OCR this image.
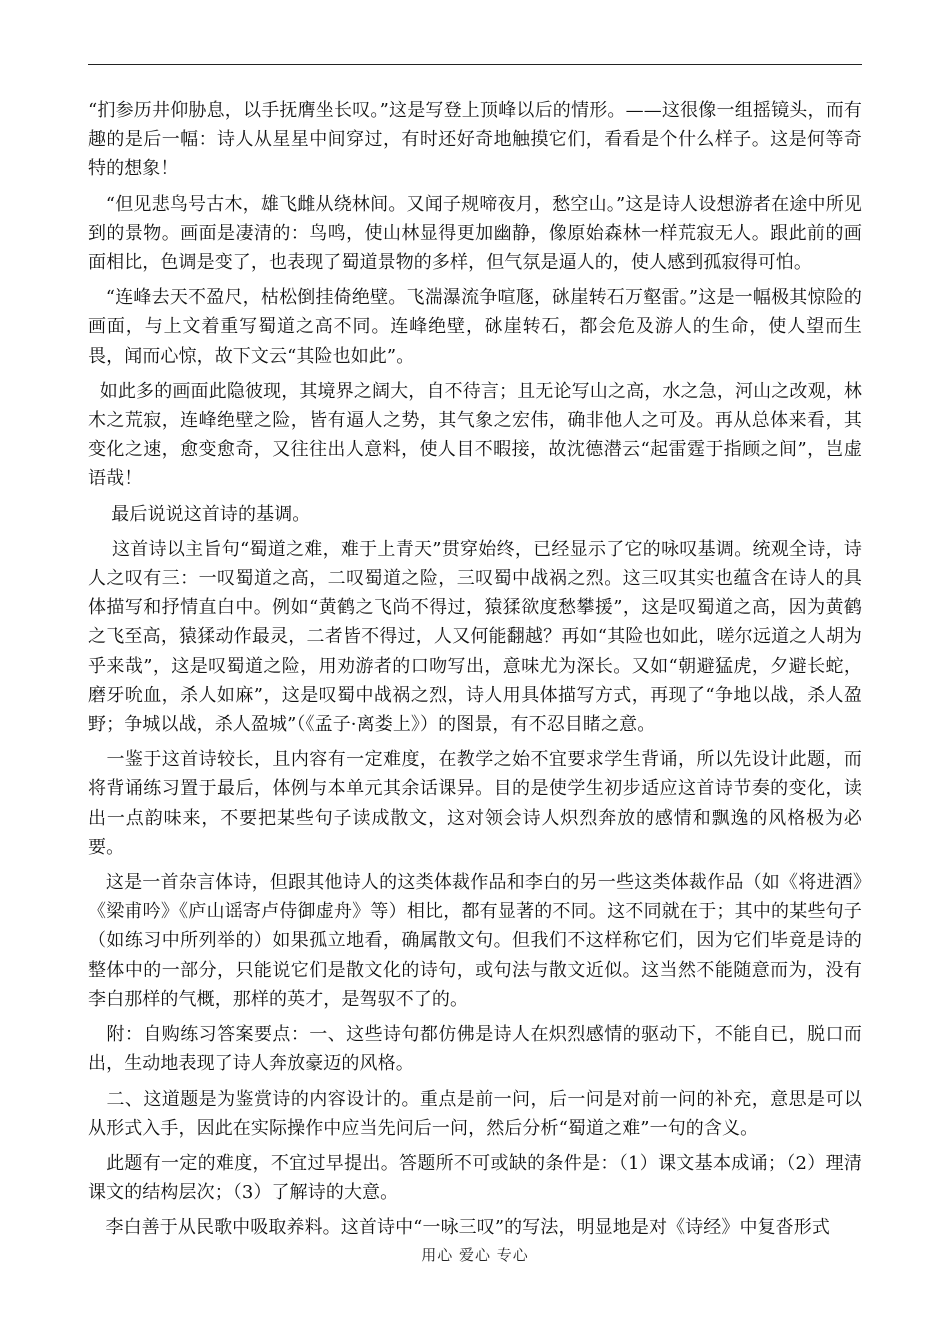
“扪参历井仰胁息，以手抚膺坐长叹。”这是写登上顶峰以后的情形。——这很像一组摇镜头，而有趣的是后一幅：诗人从星星中间穿过，有时还好奇地触摸它们，看看是个什么样子。这是何等奇特的想象！

“但见悲鸟号古木，雄飞雌从绕林间。又闻子规啼夜月，愁空山。”这是诗人设想游者在途中所见到的景物。画面是凄清的：鸟鸣，使山林显得更加幽静，像原始森林一样荒寂无人。跟此前的画面相比，色调是变了，也表现了蜀道景物的多样，但气氛是逼人的，使人感到孤寂得可怕。

“连峰去天不盈尺，枯松倒挂倚绝壁。飞湍瀑流争喧豗，砯崖转石万壑雷。”这是一幅极其惊险的画面，与上文着重写蜀道之高不同。连峰绝壁，砯崖转石，都会危及游人的生命，使人望而生畏，闻而心惊，故下文云“其险也如此”。

如此多的画面此隐彼现，其境界之阔大，自不待言；且无论写山之高，水之急，河山之改观，林木之荒寂，连峰绝壁之险，皆有逼人之势，其气象之宏伟，确非他人之可及。再从总体来看，其变化之速，愈变愈奇，又往往出人意料，使人目不暇接，故沈德潜云“起雷霆于指顾之间”，岂虚语哉！

最后说说这首诗的基调。

这首诗以主旨句“蜀道之难，难于上青天”贯穿始终，已经显示了它的咏叹基调。统观全诗，诗人之叹有三：一叹蜀道之高，二叹蜀道之险，三叹蜀中战祸之烈。这三叹其实也蕴含在诗人的具体描写和抒情直白中。例如“黄鹤之飞尚不得过，猿猱欲度愁攀援”，这是叹蜀道之高，因为黄鹤之飞至高，猿猱动作最灵，二者皆不得过，人又何能翻越？再如“其险也如此，嗟尔远道之人胡为乎来哉”，这是叹蜀道之险，用劝游者的口吻写出，意味尤为深长。又如“朝避猛虎，夕避长蛇，磨牙吮血，杀人如麻”，这是叹蜀中战祸之烈，诗人用具体描写方式，再现了“争地以战，杀人盈野；争城以战，杀人盈城”（《孟子·离娄上》）的图景，有不忍目睹之意。

一鉴于这首诗较长，且内容有一定难度，在教学之始不宜要求学生背诵，所以先设计此题，而将背诵练习置于最后，体例与本单元其余话课异。目的是使学生初步适应这首诗节奏的变化，读出一点韵味来，不要把某些句子读成散文，这对领会诗人炽烈奔放的感情和飘逸的风格极为必要。

这是一首杂言体诗，但跟其他诗人的这类体裁作品和李白的另一些这类体裁作品（如《将进酒》《梁甫吟》《庐山谣寄卢侍御虚舟》等）相比，都有显著的不同。这不同就在于；其中的某些句子（如练习中所列举的）如果孤立地看，确属散文句。但我们不这样称它们，因为它们毕竟是诗的整体中的一部分，只能说它们是散文化的诗句，或句法与散文近似。这当然不能随意而为，没有李白那样的气概，那样的英才，是驾驭不了的。

附：自购练习答案要点：一、这些诗句都仿佛是诗人在炽烈感情的驱动下，不能自已，脱口而出，生动地表现了诗人奔放豪迈的风格。

二、这道题是为鉴赏诗的内容设计的。重点是前一问，后一问是对前一问的补充，意思是可以从形式入手，因此在实际操作中应当先问后一问，然后分析“蜀道之难”一句的含义。

此题有一定的难度，不宜过早提出。答题所不可或缺的条件是：（1）课文基本成诵；（2）理清课文的结构层次；（3）了解诗的大意。

李白善于从民歌中吸取养料。这首诗中“一咏三叹”的写法，明显地是对《诗经》中复沓形式

用心 爱心 专心
